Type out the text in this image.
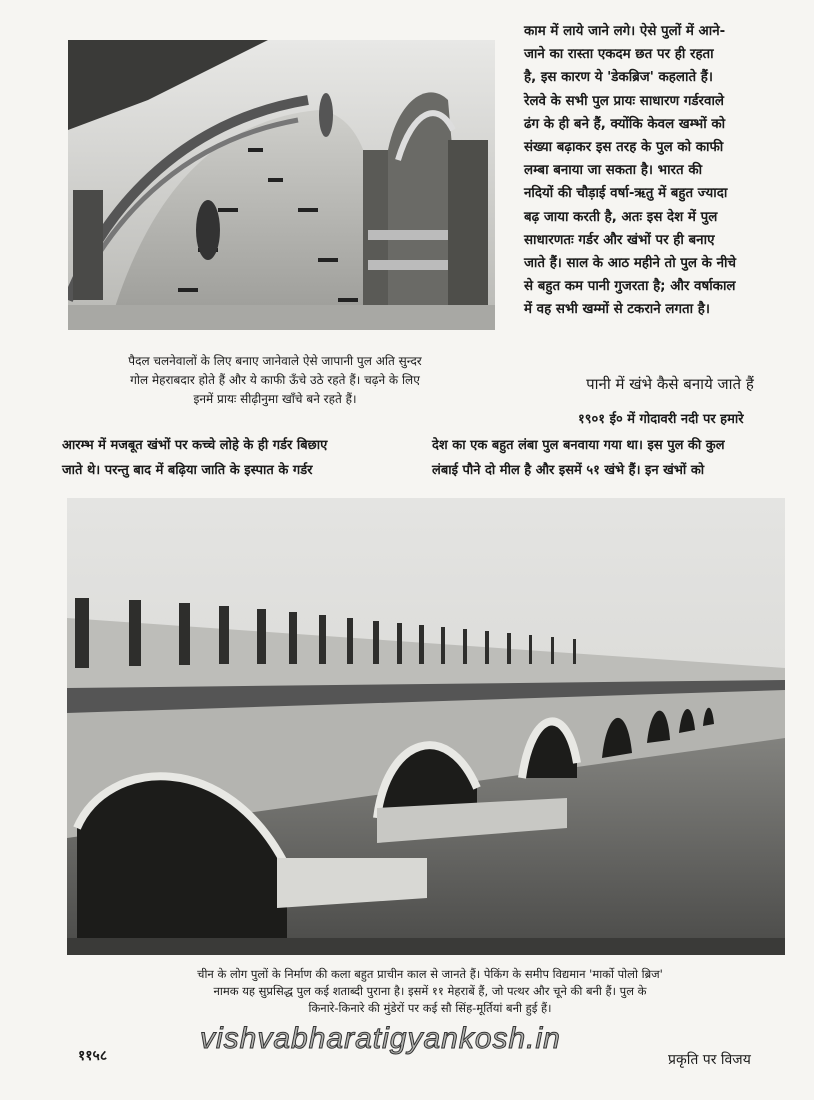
काम में लाये जाने लगे। ऐसे पुलों में आने-
जाने का रास्ता एकदम छत पर ही रहता
है, इस कारण ये 'डेकब्रिज' कहलाते हैं।
रेलवे के सभी पुल प्रायः साधारण गर्डरवाले
ढंग के ही बने हैं, क्योंकि केवल खम्भों को
संख्या बढ़ाकर इस तरह के पुल को काफी
लम्बा बनाया जा सकता है। भारत की
नदियों की चौड़ाई वर्षा-ऋतु में बहुत ज्यादा
बढ़ जाया करती है, अतः इस देश में पुल
साधारणतः गर्डर और खंभों पर ही बनाए
जाते हैं। साल के आठ महीने तो पुल के नीचे
से बहुत कम पानी गुजरता है; और वर्षाकाल
में वह सभी खम्मों से टकराने लगता है।
पैदल चलनेवालों के लिए बनाए जानेवाले ऐसे जापानी पुल अति सुन्दर
गोल मेहराबदार होते हैं और ये काफी ऊँचे उठे रहते हैं। चढ़ने के लिए
इनमें प्रायः सीढ़ीनुमा खाँचे बने रहते हैं।
पानी में खंभे कैसे बनाये जाते हैं
१९०१ ई० में गोदावरी नदी पर हमारे
देश का एक बहुत लंबा पुल बनवाया गया था। इस पुल की कुल
लंबाई पौने दो मील है और इसमें ५१ खंभे हैं। इन खंभों को
आरम्भ में मजबूत खंभों पर कच्चे लोहे के ही गर्डर बिछाए
जाते थे। परन्तु बाद में बढ़िया जाति के इस्पात के गर्डर
चीन के लोग पुलों के निर्माण की कला बहुत प्राचीन काल से जानते हैं। पेकिंग के समीप विद्यमान 'मार्को पोलो ब्रिज'
नामक यह सुप्रसिद्ध पुल कई शताब्दी पुराना है। इसमें ११ मेहराबें हैं, जो पत्थर और चूने की बनी हैं। पुल के
किनारे-किनारे की मुंडेरों पर कई सौ सिंह-मूर्तियां बनी हुई हैं।
vishvabharatigyankosh.in
११५८	प्रकृति पर विजय
